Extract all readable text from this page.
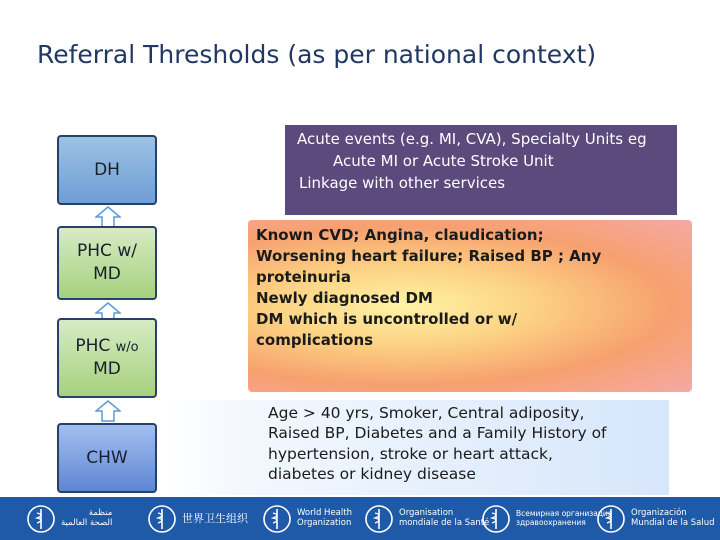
Referral Thresholds (as per national context)
DH
PHC w/
MD
PHC w/o
MD
CHW
Acute events (e.g. MI, CVA), Specialty Units eg
Acute MI or Acute Stroke Unit
Linkage with other services
Known CVD; Angina, claudication;
Worsening heart failure; Raised BP ; Any
proteinuria
Newly diagnosed DM
DM which is uncontrolled or w/
complications
Age > 40 yrs, Smoker, Central adiposity,
Raised BP, Diabetes and a Family History of
hypertension, stroke or heart attack,
diabetes or kidney disease
منظمة
الصحة العالمية	世界卫生组织	World Health
Organization
Organisation
mondiale de la Santé
Всемирная организация
здравоохранения
Organización
Mundial de la Salud
